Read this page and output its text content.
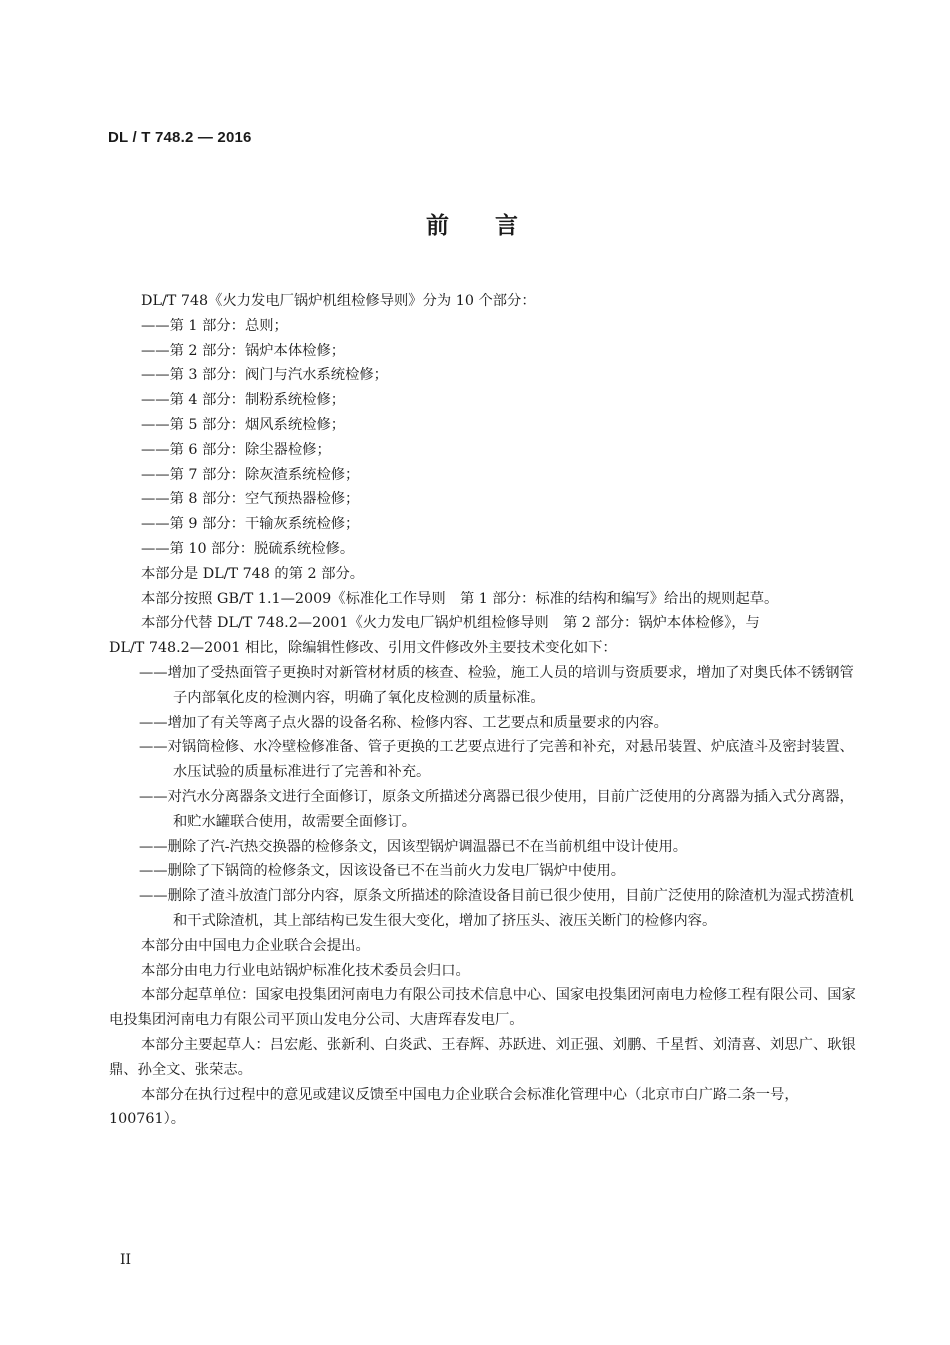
DL / T 748.2 — 2016
前言

DL/T 748《火力发电厂锅炉机组检修导则》分为 10 个部分：

——第 1 部分：总则；

——第 2 部分：锅炉本体检修；

——第 3 部分：阀门与汽水系统检修；

——第 4 部分：制粉系统检修；

——第 5 部分：烟风系统检修；

——第 6 部分：除尘器检修；

——第 7 部分：除灰渣系统检修；

——第 8 部分：空气预热器检修；

——第 9 部分：干输灰系统检修；

——第 10 部分：脱硫系统检修。

本部分是 DL/T 748 的第 2 部分。

本部分按照 GB/T 1.1—2009《标准化工作导则　第 1 部分：标准的结构和编写》给出的规则起草。

本部分代替 DL/T 748.2—2001《火力发电厂锅炉机组检修导则　第 2 部分：锅炉本体检修》，与

DL/T 748.2—2001 相比，除编辑性修改、引用文件修改外主要技术变化如下：

——增加了受热面管子更换时对新管材材质的核查、检验，施工人员的培训与资质要求，增加了对奥氏体不锈钢管子内部氧化皮的检测内容，明确了氧化皮检测的质量标准。

——增加了有关等离子点火器的设备名称、检修内容、工艺要点和质量要求的内容。

——对锅筒检修、水冷壁检修准备、管子更换的工艺要点进行了完善和补充，对悬吊装置、炉底渣斗及密封装置、水压试验的质量标准进行了完善和补充。

——对汽水分离器条文进行全面修订，原条文所描述分离器已很少使用，目前广泛使用的分离器为插入式分离器，和贮水罐联合使用，故需要全面修订。

——删除了汽-汽热交换器的检修条文，因该型锅炉调温器已不在当前机组中设计使用。

——删除了下锅筒的检修条文，因该设备已不在当前火力发电厂锅炉中使用。

——删除了渣斗放渣门部分内容，原条文所描述的除渣设备目前已很少使用，目前广泛使用的除渣机为湿式捞渣机和干式除渣机，其上部结构已发生很大变化，增加了挤压头、液压关断门的检修内容。

本部分由中国电力企业联合会提出。

本部分由电力行业电站锅炉标准化技术委员会归口。

本部分起草单位：国家电投集团河南电力有限公司技术信息中心、国家电投集团河南电力检修工程有限公司、国家电投集团河南电力有限公司平顶山发电分公司、大唐珲春发电厂。

本部分主要起草人：吕宏彪、张新利、白炎武、王春辉、苏跃进、刘正强、刘鹏、千星哲、刘清喜、刘思广、耿银鼎、孙全文、张荣志。

本部分在执行过程中的意见或建议反馈至中国电力企业联合会标准化管理中心（北京市白广路二条一号，100761）。

II
